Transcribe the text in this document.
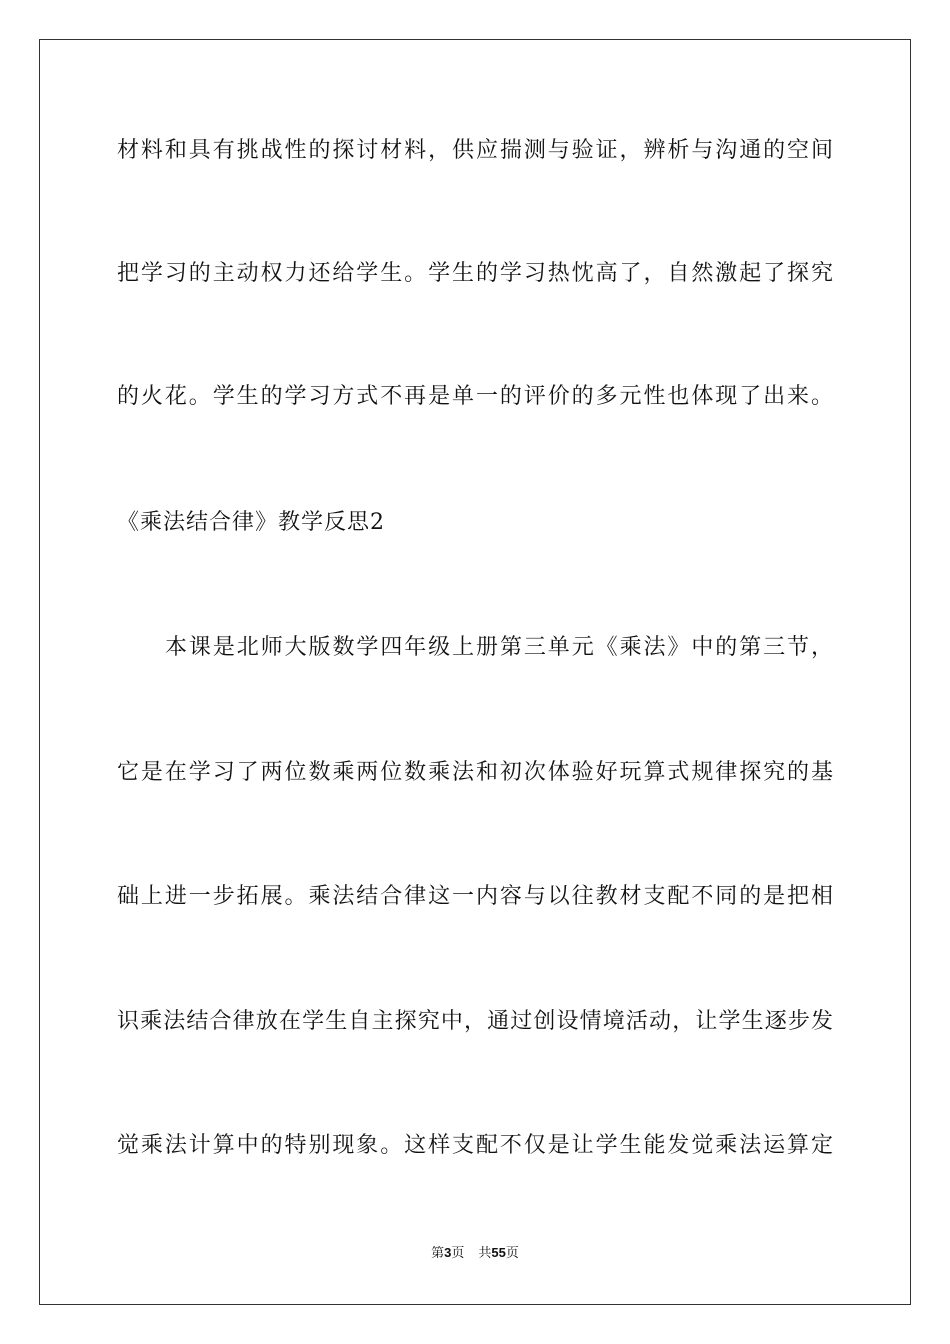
材料和具有挑战性的探讨材料，供应揣测与验证，辨析与沟通的空间
把学习的主动权力还给学生。学生的学习热忱高了，自然激起了探究
的火花。学生的学习方式不再是单一的评价的多元性也体现了出来。
《乘法结合律》教学反思2
本课是北师大版数学四年级上册第三单元《乘法》中的第三节，
它是在学习了两位数乘两位数乘法和初次体验好玩算式规律探究的基
础上进一步拓展。乘法结合律这一内容与以往教材支配不同的是把相
识乘法结合律放在学生自主探究中，通过创设情境活动，让学生逐步发
觉乘法计算中的特别现象。这样支配不仅是让学生能发觉乘法运算定
第3页 共55页
